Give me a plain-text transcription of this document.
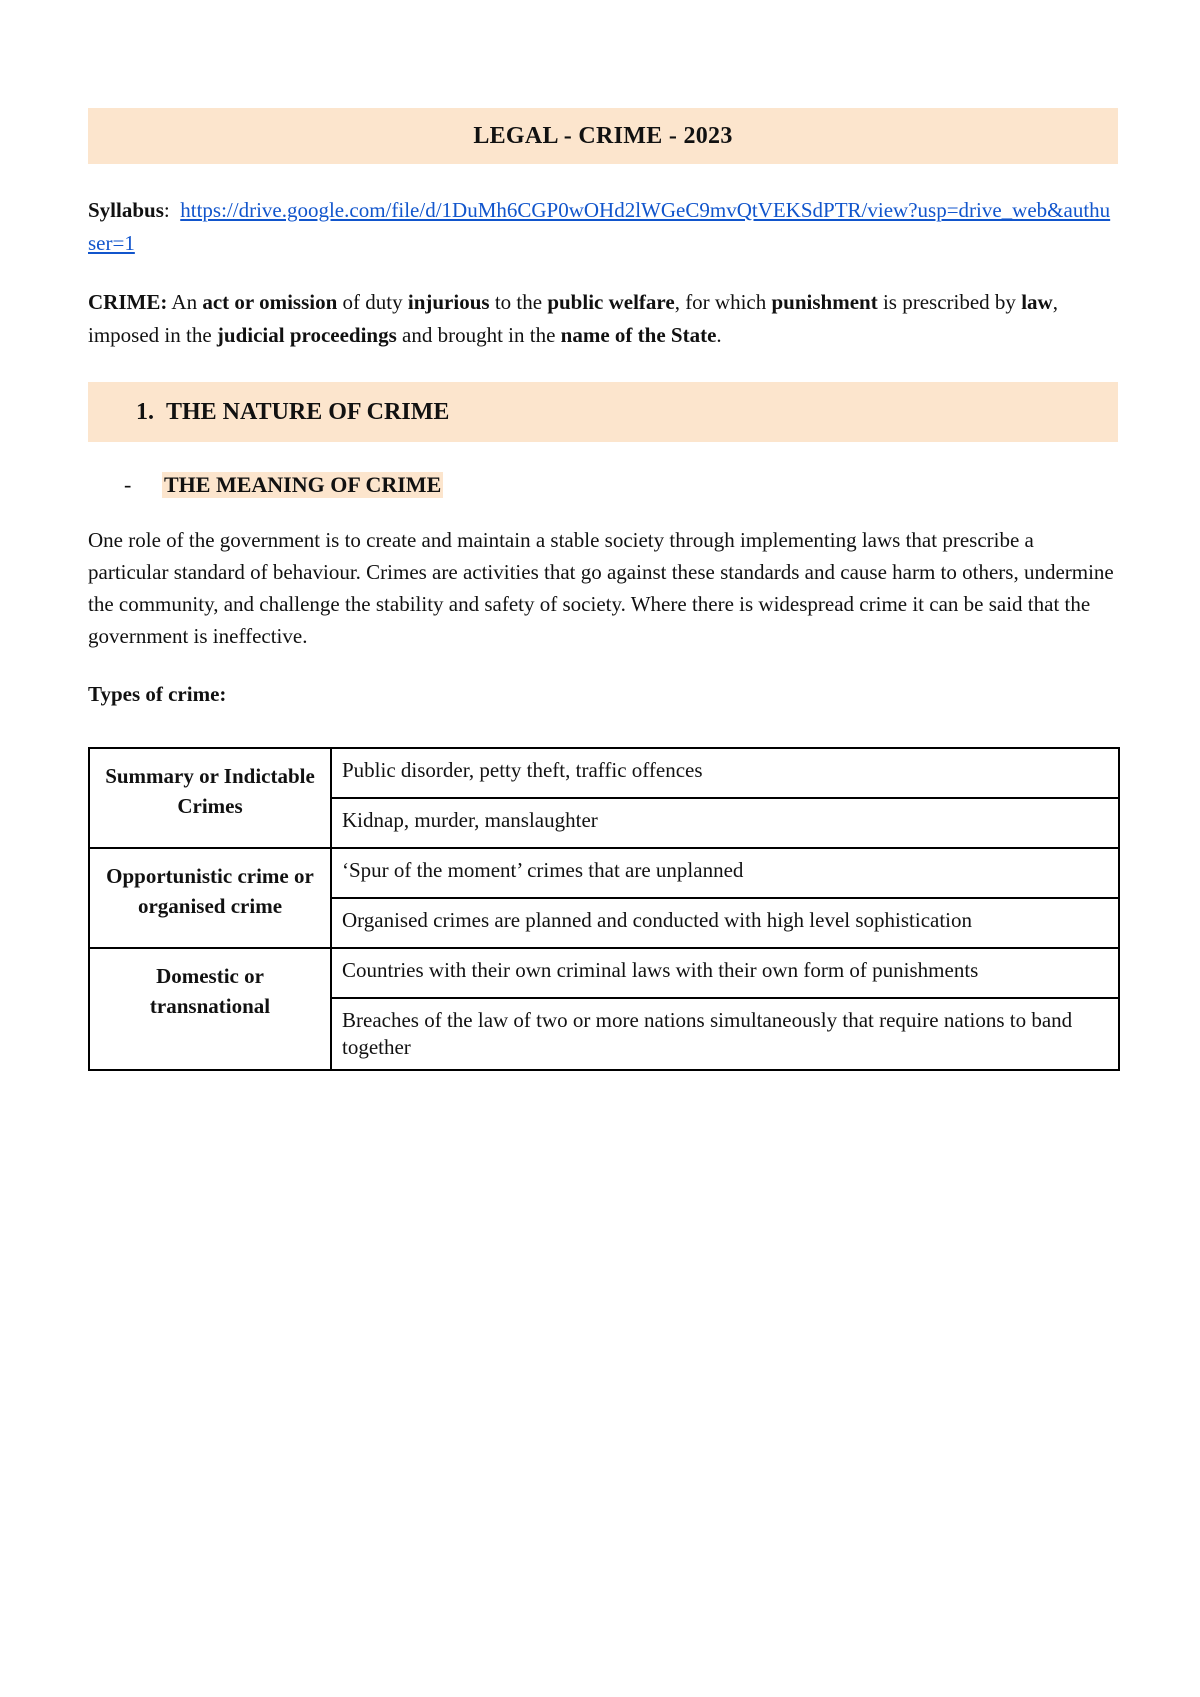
LEGAL - CRIME - 2023
Syllabus:  https://drive.google.com/file/d/1DuMh6CGP0wOHd2lWGeC9mvQtVEKSdPTR/view?usp=drive_web&authuser=1
CRIME: An act or omission of duty injurious to the public welfare, for which punishment is prescribed by law, imposed in the judicial proceedings and brought in the name of the State.
1. THE NATURE OF CRIME
-	THE MEANING OF CRIME
One role of the government is to create and maintain a stable society through implementing laws that prescribe a particular standard of behaviour. Crimes are activities that go against these standards and cause harm to others, undermine the community, and challenge the stability and safety of society. Where there is widespread crime it can be said that the government is ineffective.
Types of crime:
Summary or Indictable Crimes	Public disorder, petty theft, traffic offences
	Kidnap, murder, manslaughter
Opportunistic crime or organised crime	‘Spur of the moment’ crimes that are unplanned
	Organised crimes are planned and conducted with high level sophistication
Domestic or transnational	Countries with their own criminal laws with their own form of punishments
	Breaches of the law of two or more nations simultaneously that require nations to band together
